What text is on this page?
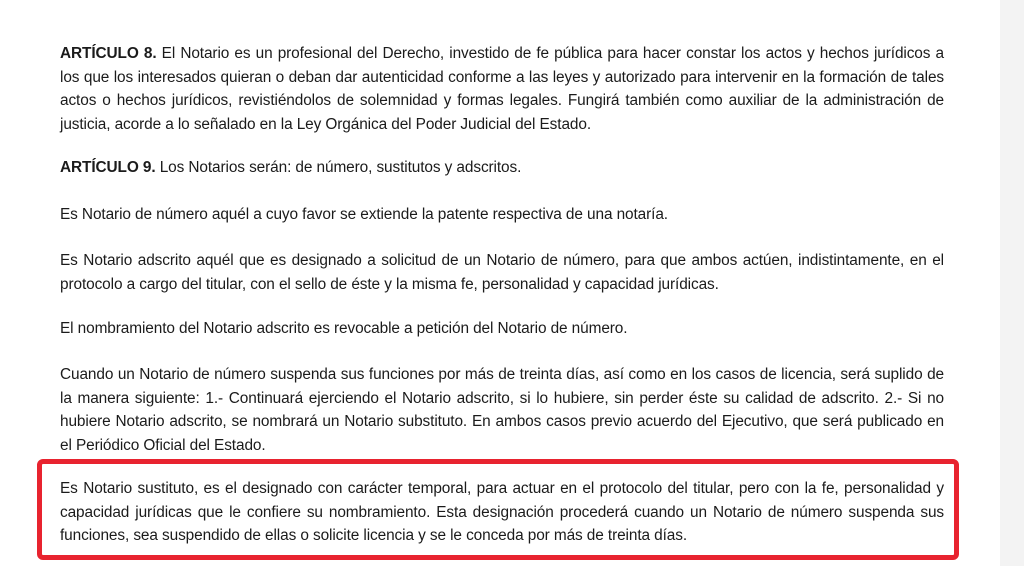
ARTÍCULO 8. El Notario es un profesional del Derecho, investido de fe pública para hacer constar los actos y hechos jurídicos a los que los interesados quieran o deban dar autenticidad conforme a las leyes y autorizado para intervenir en la formación de tales actos o hechos jurídicos, revistiéndolos de solemnidad y formas legales. Fungirá también como auxiliar de la administración de justicia, acorde a lo señalado en la Ley Orgánica del Poder Judicial del Estado.

ARTÍCULO 9. Los Notarios serán: de número, sustitutos y adscritos.

Es Notario de número aquél a cuyo favor se extiende la patente respectiva de una notaría.

Es Notario adscrito aquél que es designado a solicitud de un Notario de número, para que ambos actúen, indistintamente, en el protocolo a cargo del titular, con el sello de éste y la misma fe, personalidad y capacidad jurídicas.

El nombramiento del Notario adscrito es revocable a petición del Notario de número.

Cuando un Notario de número suspenda sus funciones por más de treinta días, así como en los casos de licencia, será suplido de la manera siguiente: 1.- Continuará ejerciendo el Notario adscrito, si lo hubiere, sin perder éste su calidad de adscrito. 2.- Si no hubiere Notario adscrito, se nombrará un Notario substituto. En ambos casos previo acuerdo del Ejecutivo, que será publicado en el Periódico Oficial del Estado.

Es Notario sustituto, es el designado con carácter temporal, para actuar en el protocolo del titular, pero con la fe, personalidad y capacidad jurídicas que le confiere su nombramiento. Esta designación procederá cuando un Notario de número suspenda sus funciones, sea suspendido de ellas o solicite licencia y se le conceda por más de treinta días.
